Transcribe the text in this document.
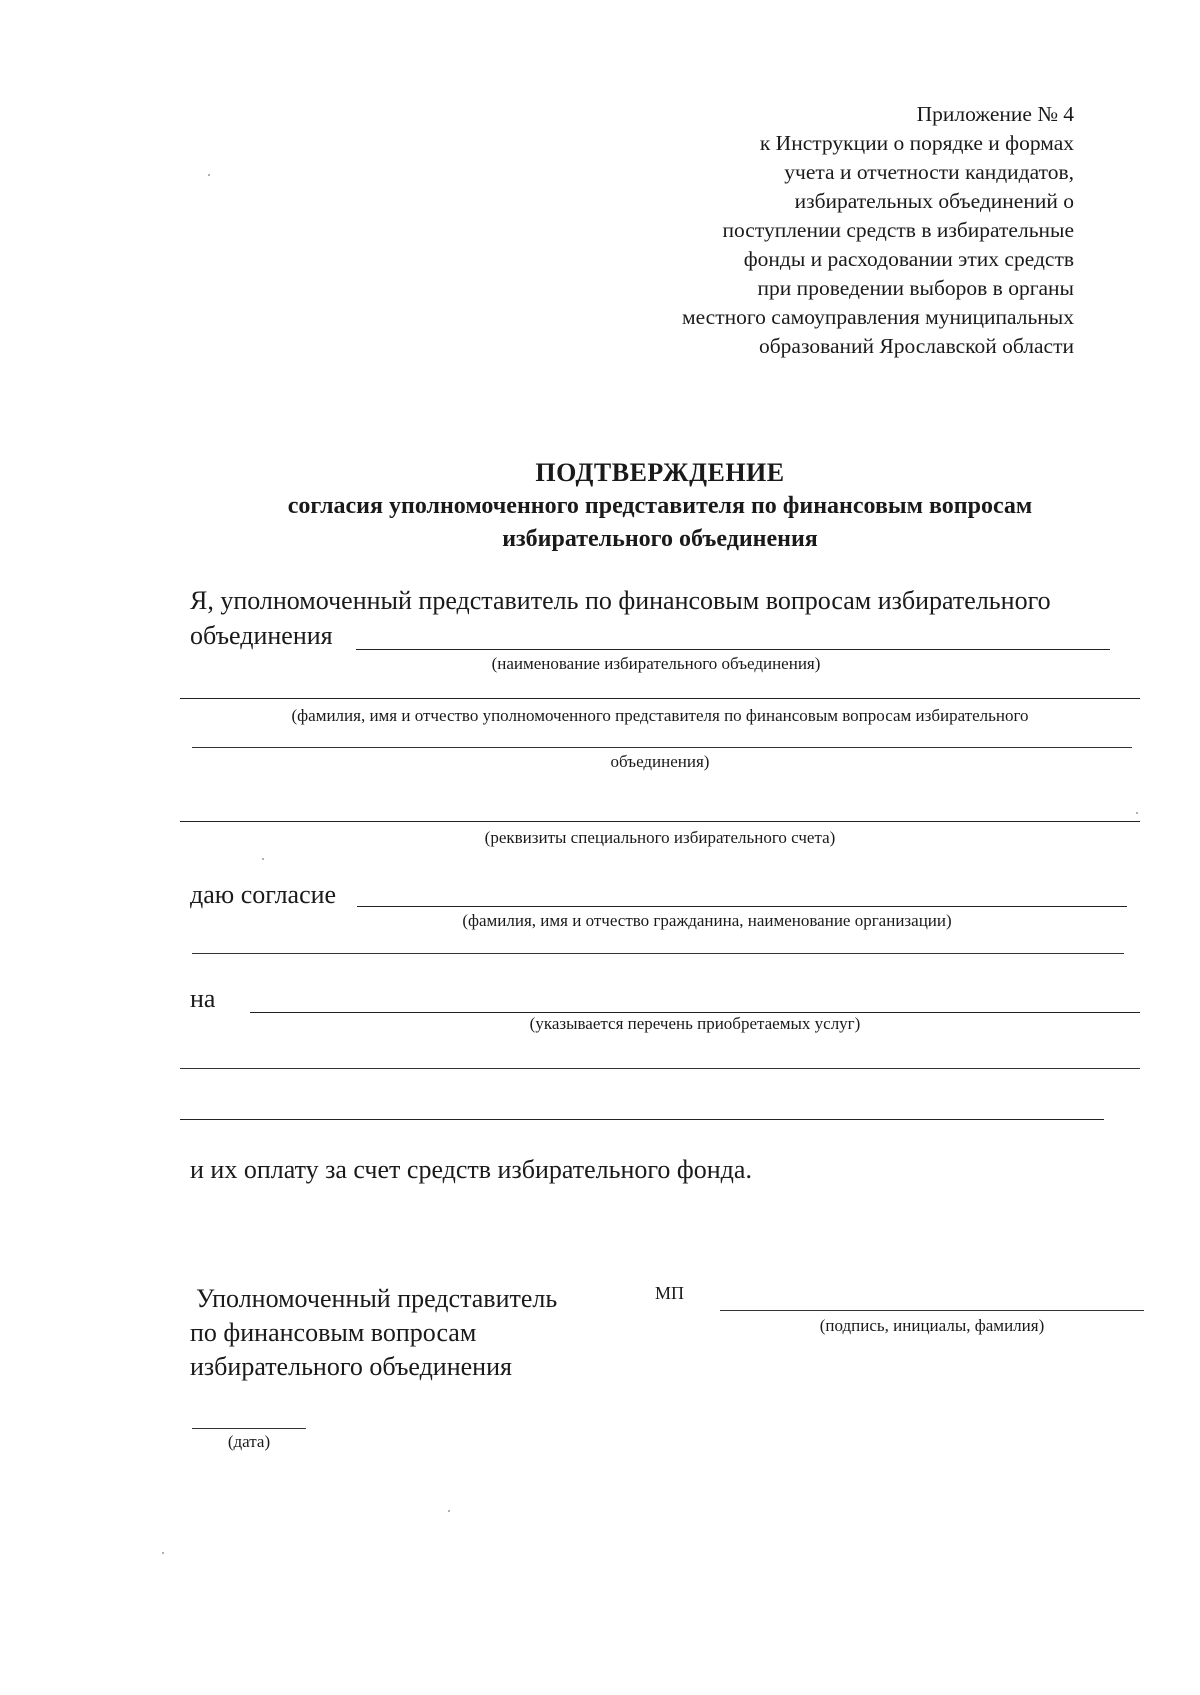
Приложение № 4
к Инструкции о порядке и формах
учета и отчетности кандидатов,
избирательных объединений о
поступлении средств в избирательные
фонды и расходовании этих средств
при проведении выборов в органы
местного самоуправления муниципальных
образований Ярославской области
ПОДТВЕРЖДЕНИЕ
согласия уполномоченного представителя по финансовым вопросам
избирательного объединения
Я, уполномоченный представитель по финансовым вопросам избирательного
объединения
(наименование избирательного объединения)
(фамилия, имя и отчество уполномоченного представителя по финансовым вопросам избирательного
объединения)
(реквизиты специального избирательного счета)
даю согласие
(фамилия, имя и отчество гражданина, наименование организации)
на
(указывается перечень приобретаемых услуг)
и их оплату за счет средств избирательного фонда.
Уполномоченный представитель
по финансовым вопросам
избирательного объединения
МП
(подпись, инициалы, фамилия)
(дата)
